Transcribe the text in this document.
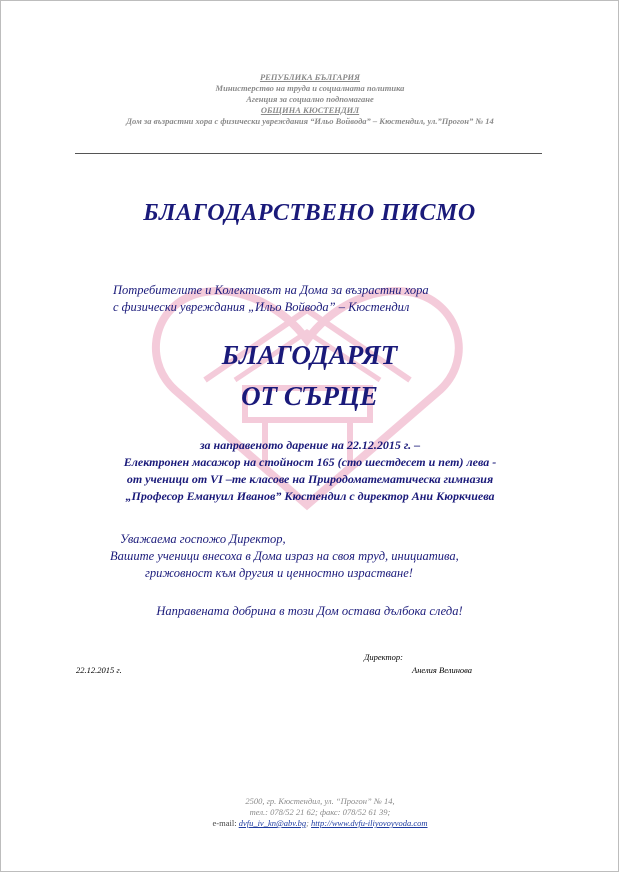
РЕПУБЛИКА БЪЛГАРИЯ
Министерство на труда и социалната политика
Агенция за социално подпомагане
ОБЩИНА КЮСТЕНДИЛ
Дом за възрастни хора с физически увреждания “Ильо Войвода” – Кюстендил, ул.”Прогон” № 14
БЛАГОДАРСТВЕНО ПИСМО
Потребителите и Колективът на Дома за възрастни хора
с физически увреждания „Ильо Войвода” – Кюстендил
БЛАГОДАРЯТ
ОТ СЪРЦЕ
за направеното дарение на 22.12.2015 г. –
Електронен масажор на стойност 165 (сто шестдесет и пет) лева -
от ученици от VI –те класове на Природоматематическа гимназия
„Професор Емануил Иванов” Кюстендил с директор Ани Кюркчиева
Уважаема госпожо Директор,
Вашите ученици внесоха в Дома израз на своя труд, инициатива,
грижовност към другия и ценностно израстване!
Направената добрина в този Дом остава дълбока следа!
Директор:
22.12.2015 г.	Анелия Велинова
2500, гр. Кюстендил, ул. “Прогон” № 14,
тел.: 078/52 21 62; факс: 078/52 61 39;
e-mail: dvfu_iv_kn@abv.bg; http://www.dvfu-iliyovoyvoda.com
